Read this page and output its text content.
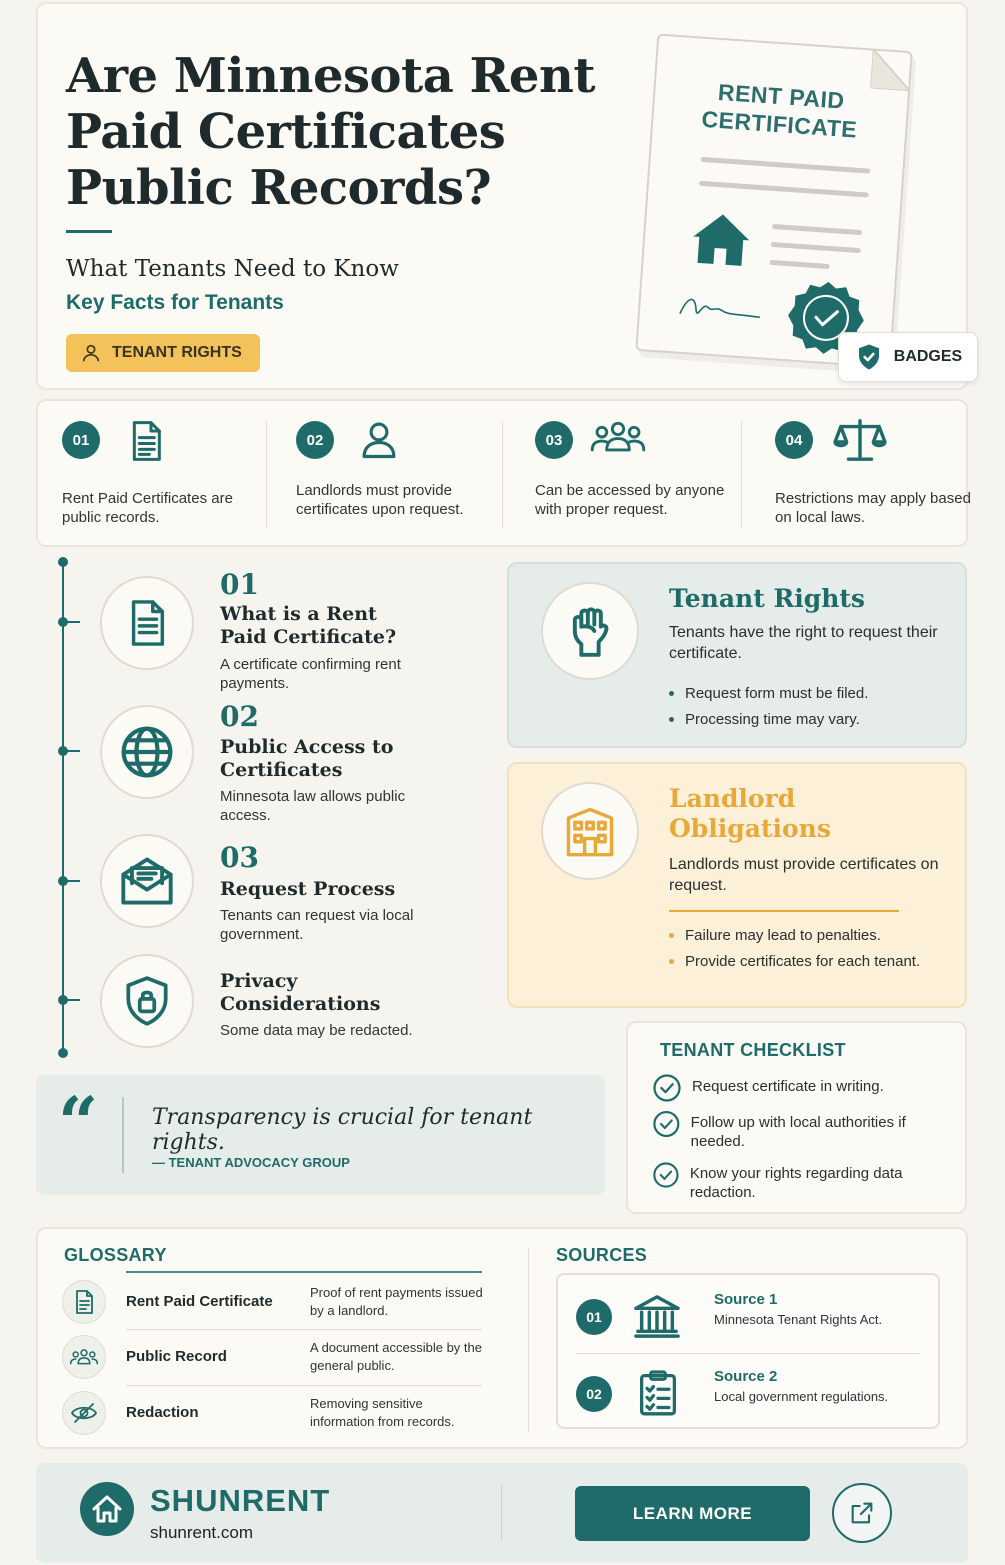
Are Minnesota Rent Paid Certificates Public Records?
What Tenants Need to Know
Key Facts for Tenants
TENANT RIGHTS
RENT PAID CERTIFICATE
BADGES
01
Rent Paid Certificates are public records.
02
Landlords must provide certificates upon request.
03
Can be accessed by anyone with proper request.
04
Restrictions may apply based on local laws.
01
What is a Rent Paid Certificate?
A certificate confirming rent payments.
02
Public Access to Certificates
Minnesota law allows public access.
03
Request Process
Tenants can request via local government.
Privacy Considerations
Some data may be redacted.
Tenant Rights
Tenants have the right to request their certificate.
Request form must be filed.
Processing time may vary.
Landlord Obligations
Landlords must provide certificates on request.
Failure may lead to penalties.
Provide certificates for each tenant.
“ Transparency is crucial for tenant rights.
— TENANT ADVOCACY GROUP
TENANT CHECKLIST
Request certificate in writing.
Follow up with local authorities if needed.
Know your rights regarding data redaction.
GLOSSARY
Rent Paid Certificate
Proof of rent payments issued by a landlord.
Public Record
A document accessible by the general public.
Redaction
Removing sensitive information from records.
SOURCES
01
Source 1
Minnesota Tenant Rights Act.
02
Source 2
Local government regulations.
SHUNRENT
shunrent.com
LEARN MORE
